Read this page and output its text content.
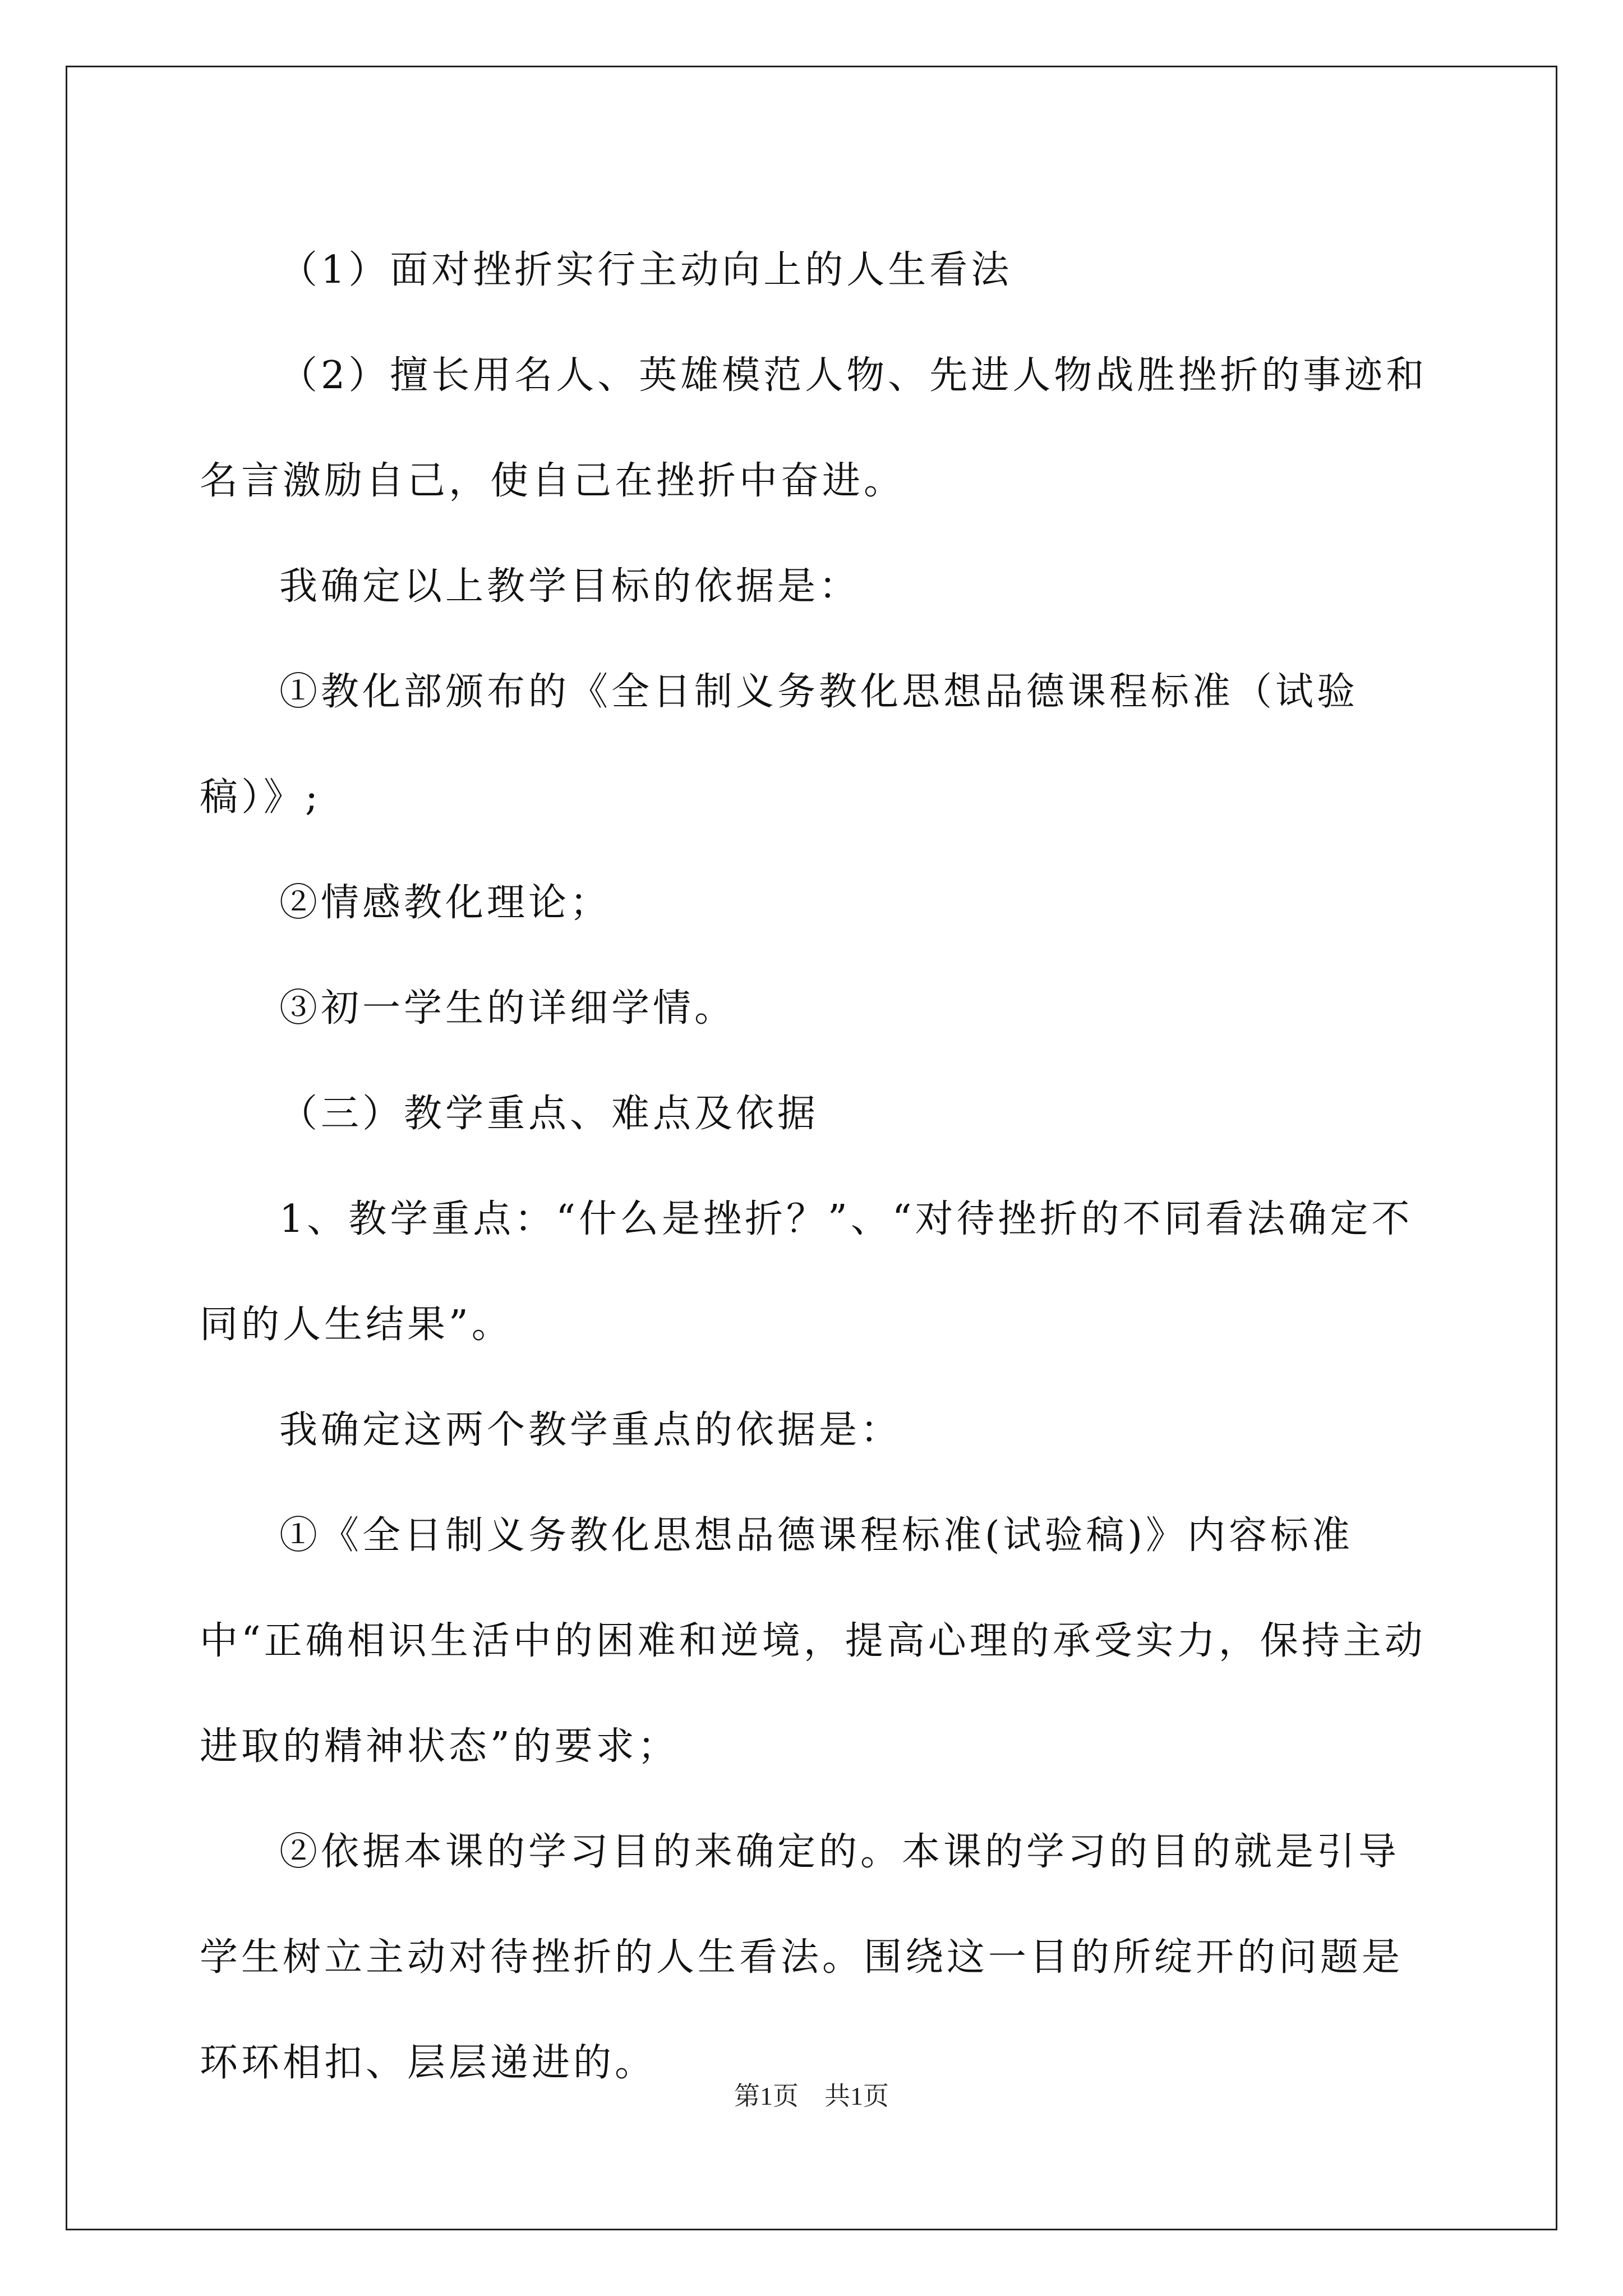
（1）面对挫折实行主动向上的人生看法

（2）擅长用名人、英雄模范人物、先进人物战胜挫折的事迹和名言激励自己，使自己在挫折中奋进。

我确定以上教学目标的依据是：

①教化部颁布的《全日制义务教化思想品德课程标准（试验稿）》;

②情感教化理论；

③初一学生的详细学情。

（三）教学重点、难点及依据

1、教学重点：“什么是挫折？”、“对待挫折的不同看法确定不同的人生结果”。

我确定这两个教学重点的依据是：

①《全日制义务教化思想品德课程标准(试验稿)》内容标准中“正确相识生活中的困难和逆境，提高心理的承受实力，保持主动进取的精神状态”的要求；

②依据本课的学习目的来确定的。本课的学习的目的就是引导学生树立主动对待挫折的人生看法。围绕这一目的所绽开的问题是环环相扣、层层递进的。

第1页　共1页
